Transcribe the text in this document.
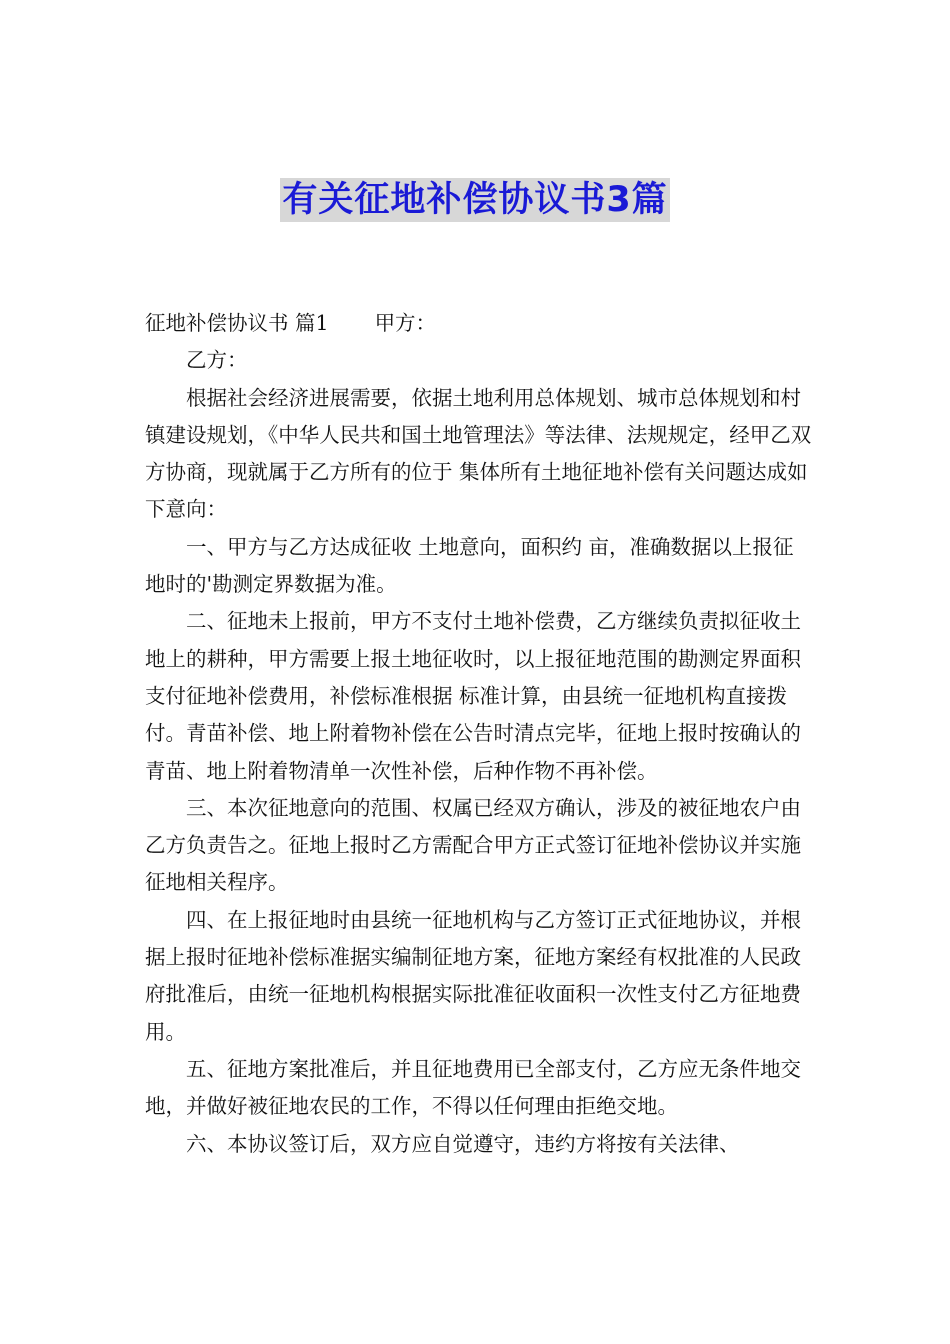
有关征地补偿协议书3篇

征地补偿协议书 篇1 甲方：

乙方：

根据社会经济进展需要，依据土地利用总体规划、城市总体规划和村镇建设规划，《中华人民共和国土地管理法》等法律、法规规定，经甲乙双方协商，现就属于乙方所有的位于 集体所有土地征地补偿有关问题达成如下意向：

一、甲方与乙方达成征收 土地意向，面积约 亩，准确数据以上报征地时的'勘测定界数据为准。

二、征地未上报前，甲方不支付土地补偿费，乙方继续负责拟征收土地上的耕种，甲方需要上报土地征收时，以上报征地范围的勘测定界面积支付征地补偿费用，补偿标准根据 标准计算，由县统一征地机构直接拨付。青苗补偿、地上附着物补偿在公告时清点完毕，征地上报时按确认的青苗、地上附着物清单一次性补偿，后种作物不再补偿。

三、本次征地意向的范围、权属已经双方确认，涉及的被征地农户由乙方负责告之。征地上报时乙方需配合甲方正式签订征地补偿协议并实施征地相关程序。

四、在上报征地时由县统一征地机构与乙方签订正式征地协议，并根据上报时征地补偿标准据实编制征地方案，征地方案经有权批准的人民政府批准后，由统一征地机构根据实际批准征收面积一次性支付乙方征地费用。

五、征地方案批准后，并且征地费用已全部支付，乙方应无条件地交地，并做好被征地农民的工作，不得以任何理由拒绝交地。

六、本协议签订后，双方应自觉遵守，违约方将按有关法律、
